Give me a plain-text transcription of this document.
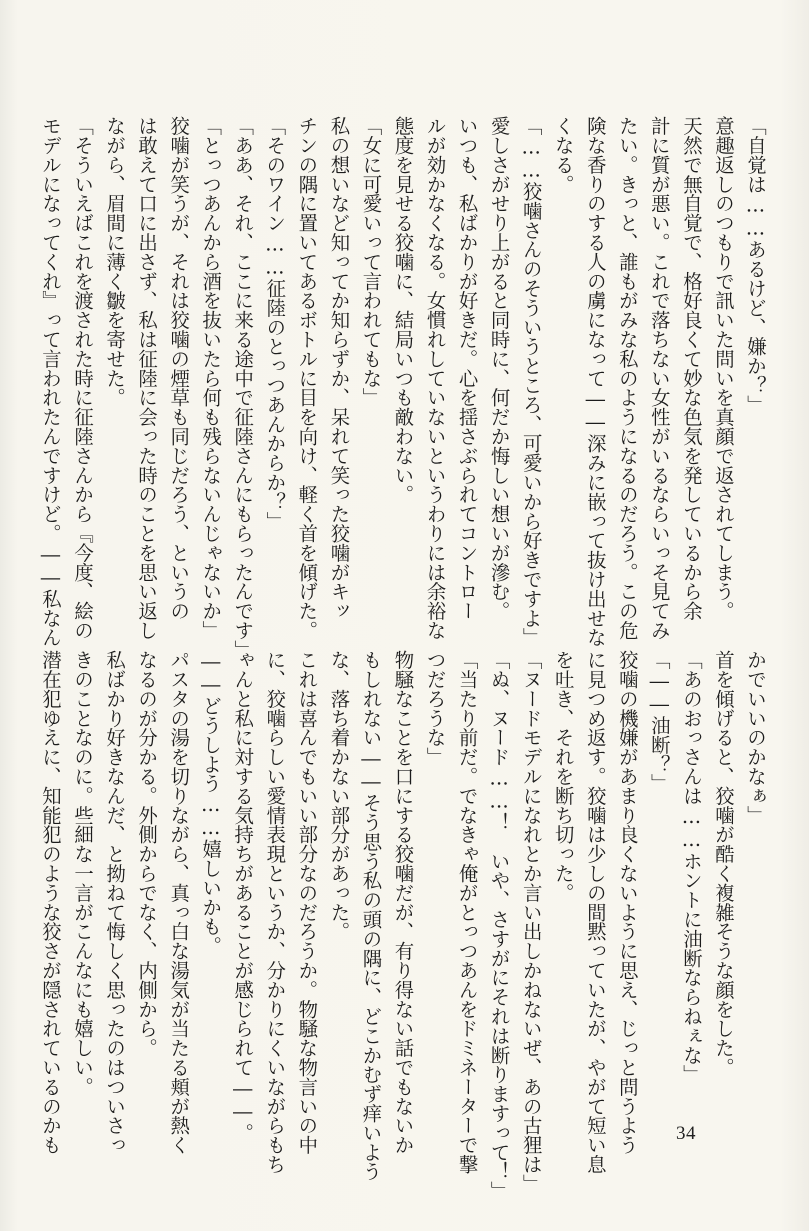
「自覚は……あるけど、嫌か？」
意趣返しのつもりで訊いた問いを真顔で返されてしまう。
天然で無自覚で、格好良くて妙な色気を発しているから余
計に質が悪い。これで落ちない女性がいるならいっそ見てみ
たい。きっと、誰もがみな私のようになるのだろう。この危
険な香りのする人の虜になって――深みに嵌って抜け出せな
くなる。
「……狡噛さんのそういうところ、可愛いから好きですよ」
愛しさがせり上がると同時に、何だか悔しい想いが滲む。
いつも、私ばかりが好きだ。心を揺さぶられてコントロー
ルが効かなくなる。女慣れしていないというわりには余裕な
態度を見せる狡噛に、結局いつも敵わない。
「女に可愛いって言われてもな」
私の想いなど知ってか知らずか、呆れて笑った狡噛がキッ
チンの隅に置いてあるボトルに目を向け、軽く首を傾げた。
「そのワイン……征陸のとっつあんからか？」
「ああ、それ、ここに来る途中で征陸さんにもらったんです」
「とっつあんから酒を抜いたら何も残らないんじゃないか」
狡噛が笑うが、それは狡噛の煙草も同じだろう、というの
は敢えて口に出さず、私は征陸に会った時のことを思い返し
ながら、眉間に薄く皺を寄せた。
「そういえばこれを渡された時に征陸さんから『今度、絵の
モデルになってくれ』って言われたんですけど。――私なん
かでいいのかなぁ」
首を傾げると、狡噛が酷く複雑そうな顔をした。
「あのおっさんは……ホントに油断ならねぇな」
「――油断？」
狡噛の機嫌があまり良くないように思え、じっと問うよう
に見つめ返す。狡噛は少しの間黙っていたが、やがて短い息
を吐き、それを断ち切った。
「ヌードモデルになれとか言い出しかねないぜ、あの古狸は」
「ぬ、ヌード……！　いや、さすがにそれは断りますって！」
「当たり前だ。でなきゃ俺がとっつあんをドミネーターで撃
つだろうな」
物騒なことを口にする狡噛だが、有り得ない話でもないか
もしれない――そう思う私の頭の隅に、どこかむず痒いよう
な、落ち着かない部分があった。
これは喜んでもいい部分なのだろうか。物騒な物言いの中
に、狡噛らしい愛情表現というか、分かりにくいながらもち
ゃんと私に対する気持ちがあることが感じられて――。
――どうしよう……嬉しいかも。
パスタの湯を切りながら、真っ白な湯気が当たる頬が熱く
なるのが分かる。外側からでなく、内側から。
私ばかり好きなんだ、と拗ねて悔しく思ったのはついさっ
きのことなのに。些細な一言がこんなにも嬉しい。
潜在犯ゆえに、知能犯のような狡さが隠されているのかも	34
